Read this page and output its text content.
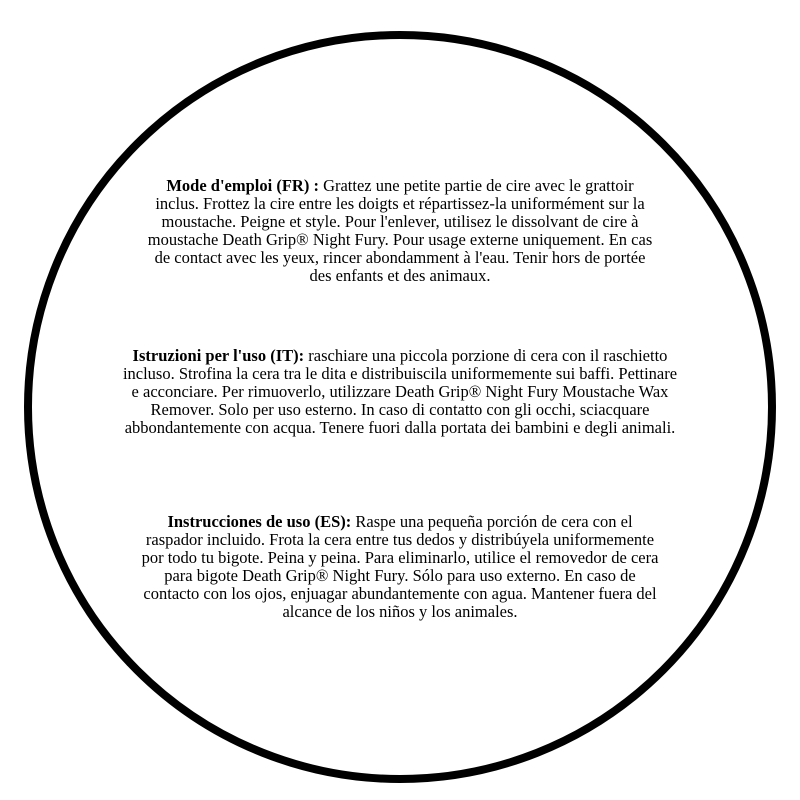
Mode d'emploi (FR) : Grattez une petite partie de cire avec le grattoir inclus. Frottez la cire entre les doigts et répartissez-la uniformément sur la moustache. Peigne et style. Pour l'enlever, utilisez le dissolvant de cire à moustache Death Grip® Night Fury. Pour usage externe uniquement. En cas de contact avec les yeux, rincer abondamment à l'eau. Tenir hors de portée des enfants et des animaux.

Istruzioni per l'uso (IT): raschiare una piccola porzione di cera con il raschietto incluso. Strofina la cera tra le dita e distribuiscila uniformemente sui baffi. Pettinare e acconciare. Per rimuoverlo, utilizzare Death Grip® Night Fury Moustache Wax Remover. Solo per uso esterno. In caso di contatto con gli occhi, sciacquare abbondantemente con acqua. Tenere fuori dalla portata dei bambini e degli animali.

Instrucciones de uso (ES): Raspe una pequeña porción de cera con el raspador incluido. Frota la cera entre tus dedos y distribúyela uniformemente por todo tu bigote. Peina y peina. Para eliminarlo, utilice el removedor de cera para bigote Death Grip® Night Fury. Sólo para uso externo. En caso de contacto con los ojos, enjuagar abundantemente con agua. Mantener fuera del alcance de los niños y los animales.
